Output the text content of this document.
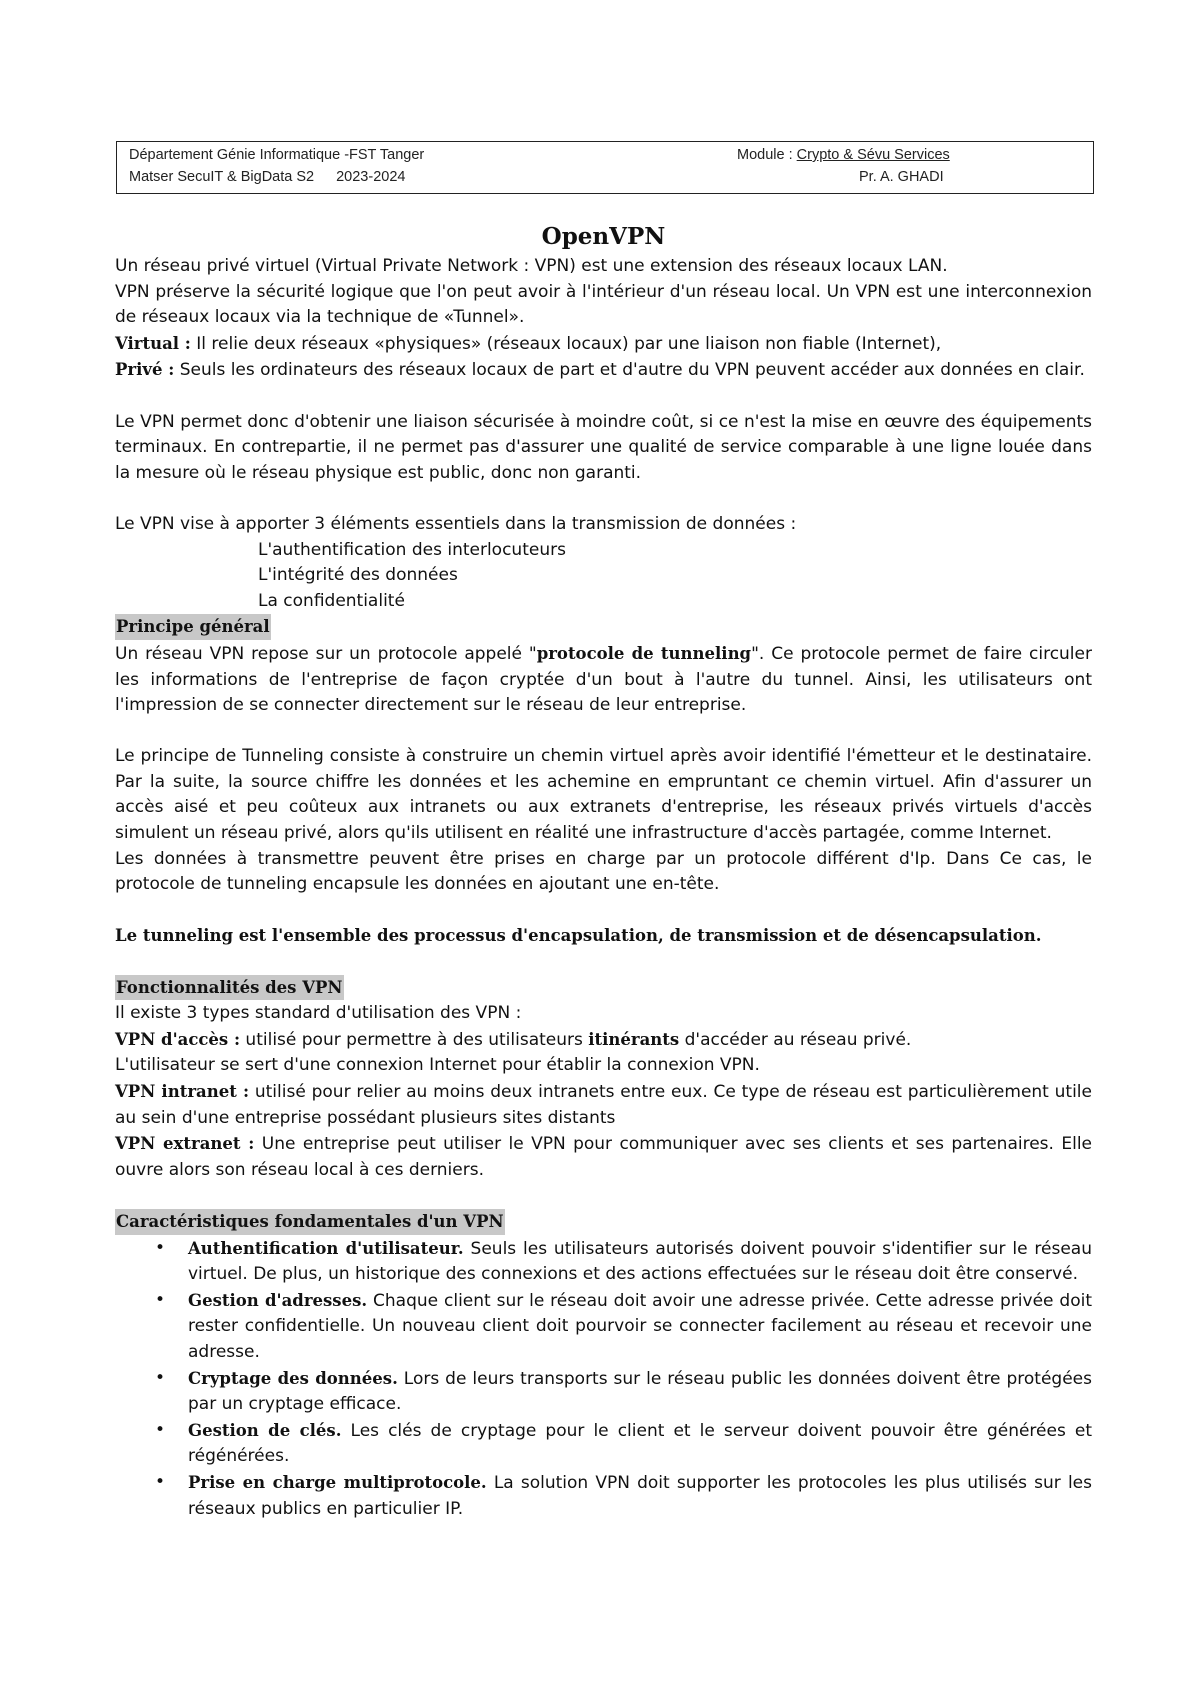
Département Génie Informatique -FST Tanger
Matser SecuIT & BigData S2 2023-2024
Module : Crypto & Sévu Services
Pr. A. GHADI
OpenVPN

Un réseau privé virtuel (Virtual Private Network : VPN) est une extension des réseaux locaux LAN.

VPN préserve la sécurité logique que l'on peut avoir à l'intérieur d'un réseau local. Un VPN est une interconnexion de réseaux locaux via la technique de «Tunnel».

Virtual : Il relie deux réseaux «physiques» (réseaux locaux) par une liaison non fiable (Internet),

Privé : Seuls les ordinateurs des réseaux locaux de part et d'autre du VPN peuvent accéder aux données en clair.

Le VPN permet donc d'obtenir une liaison sécurisée à moindre coût, si ce n'est la mise en œuvre des équipements terminaux. En contrepartie, il ne permet pas d'assurer une qualité de service comparable à une ligne louée dans la mesure où le réseau physique est public, donc non garanti.

Le VPN vise à apporter 3 éléments essentiels dans la transmission de données :

L'authentification des interlocuteurs

L'intégrité des données

La confidentialité

Principe général

Un réseau VPN repose sur un protocole appelé "protocole de tunneling". Ce protocole permet de faire circuler les informations de l'entreprise de façon cryptée d'un bout à l'autre du tunnel. Ainsi, les utilisateurs ont l'impression de se connecter directement sur le réseau de leur entreprise.

Le principe de Tunneling consiste à construire un chemin virtuel après avoir identifié l'émetteur et le destinataire. Par la suite, la source chiffre les données et les achemine en empruntant ce chemin virtuel. Afin d'assurer un accès aisé et peu coûteux aux intranets ou aux extranets d'entreprise, les réseaux privés virtuels d'accès simulent un réseau privé, alors qu'ils utilisent en réalité une infrastructure d'accès partagée, comme Internet.

Les données à transmettre peuvent être prises en charge par un protocole différent d'Ip. Dans Ce cas, le protocole de tunneling encapsule les données en ajoutant une en-tête.

Le tunneling est l'ensemble des processus d'encapsulation, de transmission et de désencapsulation.

Fonctionnalités des VPN

Il existe 3 types standard d'utilisation des VPN :

VPN d'accès : utilisé pour permettre à des utilisateurs itinérants d'accéder au réseau privé.

L'utilisateur se sert d'une connexion Internet pour établir la connexion VPN.

VPN intranet : utilisé pour relier au moins deux intranets entre eux. Ce type de réseau est particulièrement utile au sein d'une entreprise possédant plusieurs sites distants

VPN extranet : Une entreprise peut utiliser le VPN pour communiquer avec ses clients et ses partenaires. Elle ouvre alors son réseau local à ces derniers.

Caractéristiques fondamentales d'un VPN

• Authentification d'utilisateur. Seuls les utilisateurs autorisés doivent pouvoir s'identifier sur le réseau virtuel. De plus, un historique des connexions et des actions effectuées sur le réseau doit être conservé.
• Gestion d'adresses. Chaque client sur le réseau doit avoir une adresse privée. Cette adresse privée doit rester confidentielle. Un nouveau client doit pourvoir se connecter facilement au réseau et recevoir une adresse.
• Cryptage des données. Lors de leurs transports sur le réseau public les données doivent être protégées par un cryptage efficace.
• Gestion de clés. Les clés de cryptage pour le client et le serveur doivent pouvoir être générées et régénérées.
• Prise en charge multiprotocole. La solution VPN doit supporter les protocoles les plus utilisés sur les réseaux publics en particulier IP.
